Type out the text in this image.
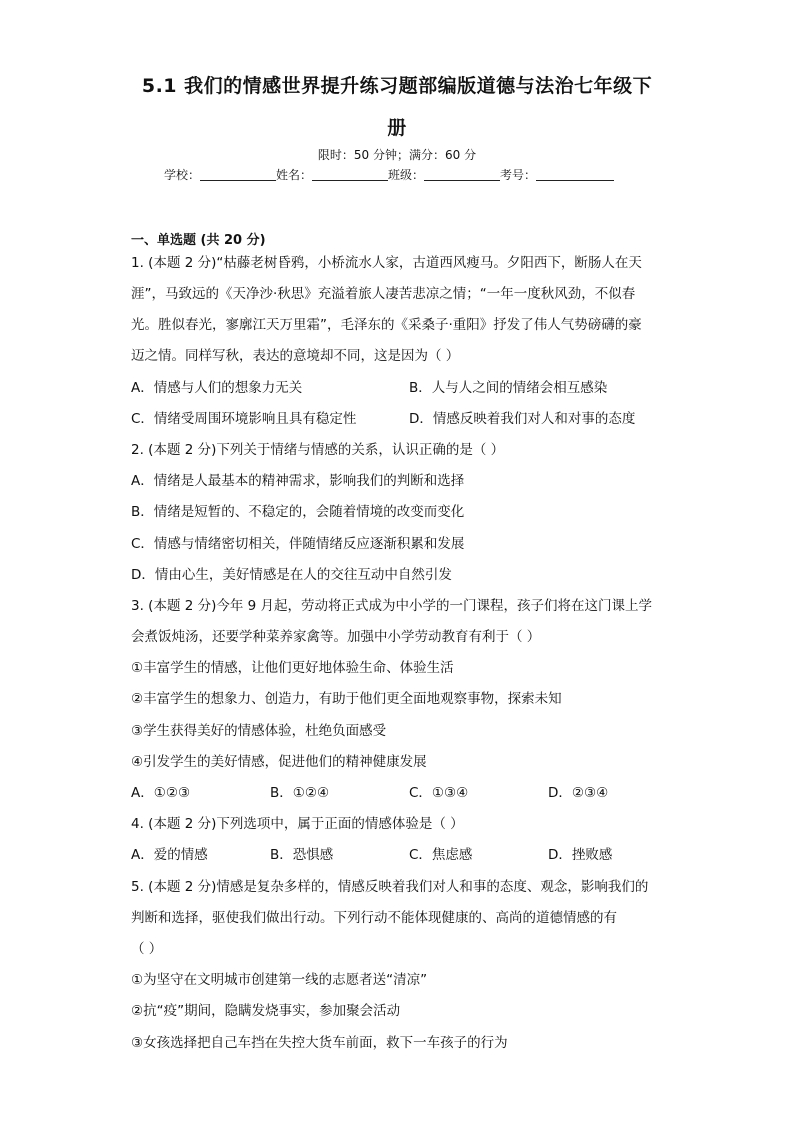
5.1 我们的情感世界提升练习题部编版道德与法治七年级下
册
限时：50 分钟；满分：60 分
学校：	姓名：	班级：	考号：
一、单选题 (共 20 分)
1. (本题 2 分)“枯藤老树昏鸦，小桥流水人家，古道西风瘦马。夕阳西下，断肠人在天
涯”，马致远的《天净沙·秋思》充溢着旅人凄苦悲凉之情；“一年一度秋风劲，不似春
光。胜似春光，寥廓江天万里霜”，毛泽东的《采桑子·重阳》抒发了伟人气势磅礴的豪
迈之情。同样写秋，表达的意境却不同，这是因为（ ）
A．情感与人们的想象力无关	B．人与人之间的情绪会相互感染
C．情绪受周围环境影响且具有稳定性	D．情感反映着我们对人和对事的态度
2. (本题 2 分)下列关于情绪与情感的关系，认识正确的是（ ）
A．情绪是人最基本的精神需求，影响我们的判断和选择
B．情绪是短暂的、不稳定的，会随着情境的改变而变化
C．情感与情绪密切相关，伴随情绪反应逐渐积累和发展
D．情由心生，美好情感是在人的交往互动中自然引发
3. (本题 2 分)今年 9 月起，劳动将正式成为中小学的一门课程，孩子们将在这门课上学
会煮饭炖汤，还要学种菜养家禽等。加强中小学劳动教育有利于（ ）
①丰富学生的情感，让他们更好地体验生命、体验生活
②丰富学生的想象力、创造力，有助于他们更全面地观察事物，探索未知
③学生获得美好的情感体验，杜绝负面感受
④引发学生的美好情感，促进他们的精神健康发展
A．①②③	B．①②④	C．①③④	D．②③④
4. (本题 2 分)下列选项中，属于正面的情感体验是（ ）
A．爱的情感	B．恐惧感	C．焦虑感	D．挫败感
5. (本题 2 分)情感是复杂多样的，情感反映着我们对人和事的态度、观念，影响我们的
判断和选择，驱使我们做出行动。下列行动不能体现健康的、高尚的道德情感的有
（ ）
①为坚守在文明城市创建第一线的志愿者送“清凉”
②抗“疫”期间，隐瞒发烧事实，参加聚会活动
③女孩选择把自己车挡在失控大货车前面，救下一车孩子的行为
